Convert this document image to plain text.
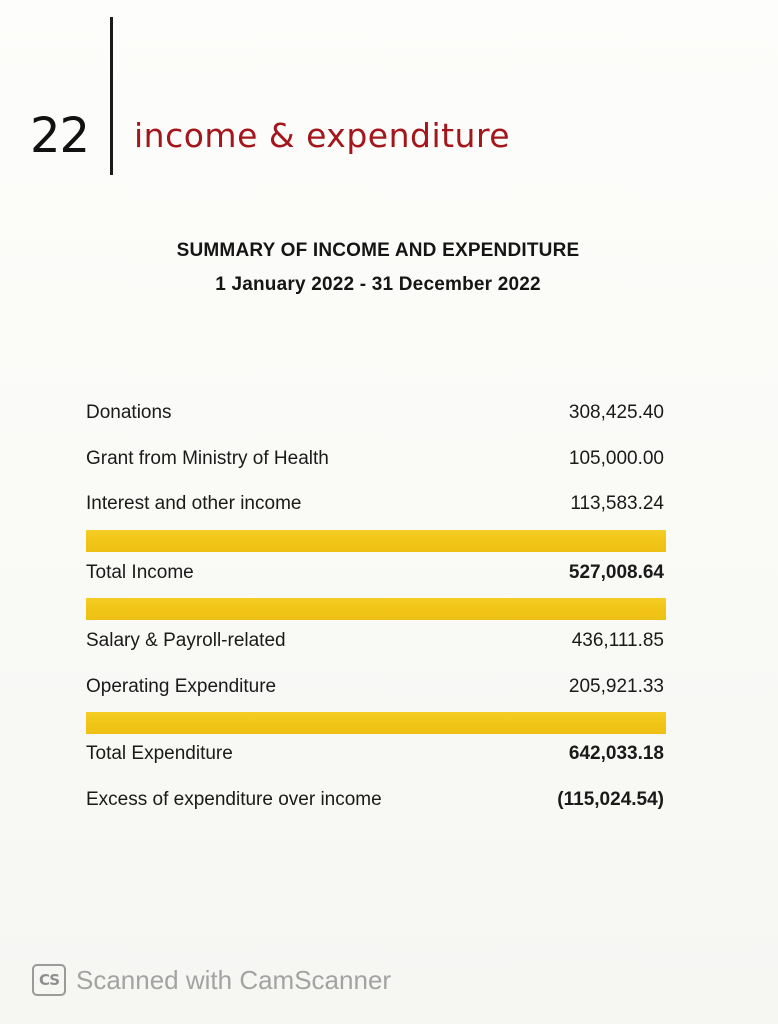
22 income & expenditure
SUMMARY OF INCOME AND EXPENDITURE
1 January 2022 - 31 December 2022
Donations	308,425.40
Grant from Ministry of Health	105,000.00
Interest and other income	113,583.24
Total Income	527,008.64
Salary & Payroll-related	436,111.85
Operating Expenditure	205,921.33
Total Expenditure	642,033.18
Excess of expenditure over income	(115,024.54)
CS Scanned with CamScanner
